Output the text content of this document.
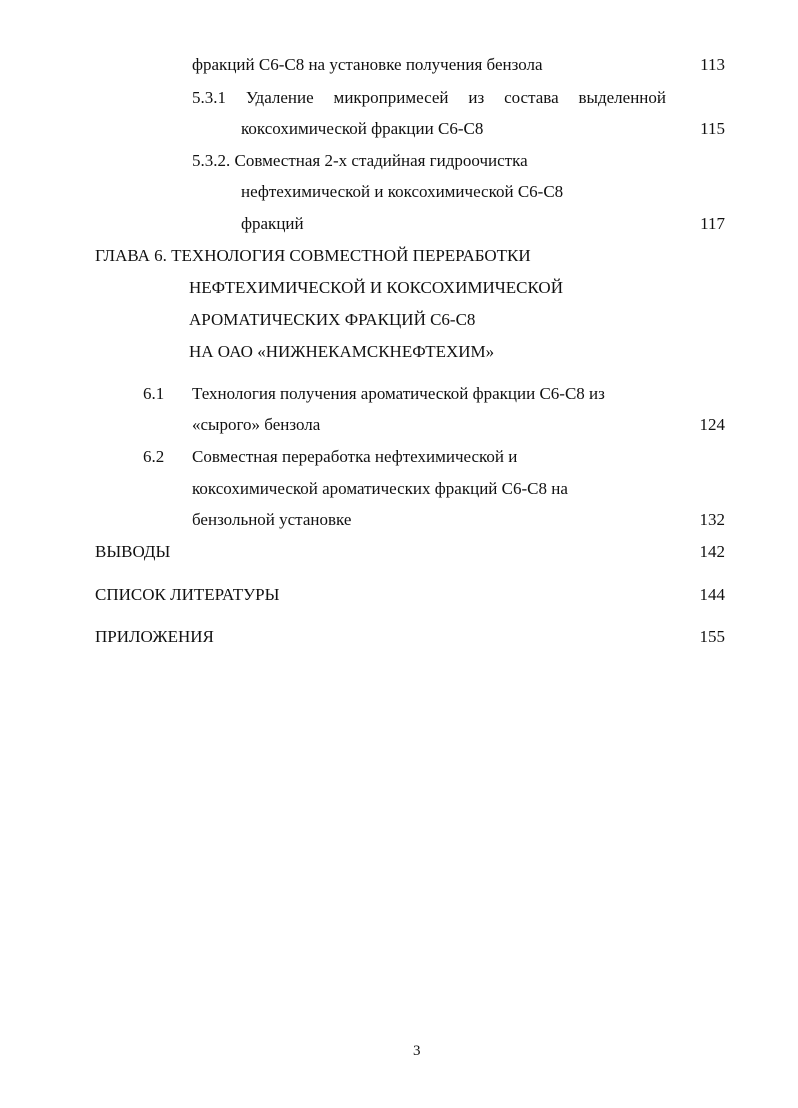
фракций С6-С8 на установке получения бензола	113
5.3.1 Удаление микропримесей из состава выделенной
коксохимической фракции С6-С8	115
5.3.2. Совместная 2-х стадийная гидроочистка
нефтехимической и коксохимической С6-С8
фракций	117
ГЛАВА 6. ТЕХНОЛОГИЯ СОВМЕСТНОЙ ПЕРЕРАБОТКИ
НЕФТЕХИМИЧЕСКОЙ И КОКСОХИМИЧЕСКОЙ
АРОМАТИЧЕСКИХ ФРАКЦИЙ С6-С8
НА ОАО «НИЖНЕКАМСКНЕФТЕХИМ»
6.1 Технология получения ароматической фракции С6-С8 из
«сырого» бензола	124
6.2 Совместная переработка нефтехимической и
коксохимической ароматических фракций С6-С8 на
бензольной установке	132
ВЫВОДЫ	142
СПИСОК ЛИТЕРАТУРЫ	144
ПРИЛОЖЕНИЯ	155
3
